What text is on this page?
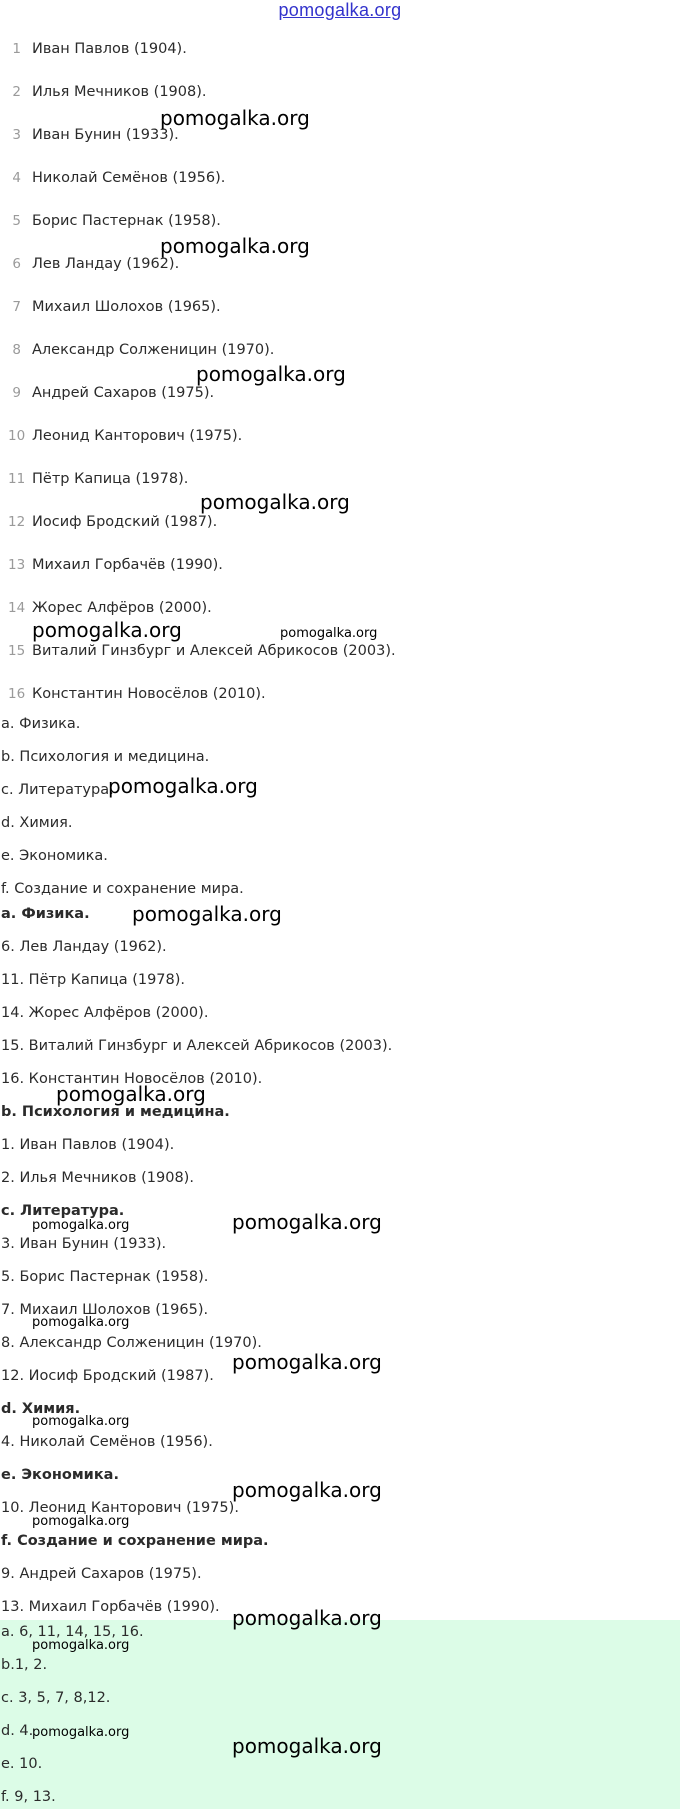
pomogalka.org
1 Иван Павлов (1904).
2 Илья Мечников (1908).
3 Иван Бунин (1933).
4 Николай Семёнов (1956).
5 Борис Пастернак (1958).
6 Лев Ландау (1962).
7 Михаил Шолохов (1965).
8 Александр Солженицин (1970).
9 Андрей Сахаров (1975).
10 Леонид Канторович (1975).
11 Пётр Капица (1978).
12 Иосиф Бродский (1987).
13 Михаил Горбачёв (1990).
14 Жорес Алфёров (2000).
15 Виталий Гинзбург и Алексей Абрикосов (2003).
16 Константин Новосёлов (2010).
a. Физика.
b. Психология и медицина.
c. Литература.
d. Химия.
e. Экономика.
f. Создание и сохранение мира.
a. Физика.
6. Лев Ландау (1962).
11. Пётр Капица (1978).
14. Жорес Алфёров (2000).
15. Виталий Гинзбург и Алексей Абрикосов (2003).
16. Константин Новосёлов (2010).
b. Психология и медицина.
1. Иван Павлов (1904).
2. Илья Мечников (1908).
c. Литература.
3. Иван Бунин (1933).
5. Борис Пастернак (1958).
7. Михаил Шолохов (1965).
8. Александр Солженицин (1970).
12. Иосиф Бродский (1987).
d. Химия.
4. Николай Семёнов (1956).
e. Экономика.
10. Леонид Канторович (1975).
f. Создание и сохранение мира.
9. Андрей Сахаров (1975).
13. Михаил Горбачёв (1990).
a. 6, 11, 14, 15, 16.
b.1, 2.
c. 3, 5, 7, 8,12.
d. 4.
e. 10.
f. 9, 13.
pomogalka.org
pomogalka.org
pomogalka.org
pomogalka.org
pomogalka.org	pomogalka.org
pomogalka.org
pomogalka.org
pomogalka.org
pomogalka.org
pomogalka.org
pomogalka.org
pomogalka.org
pomogalka.org
pomogalka.org
pomogalka.org
pomogalka.org
pomogalka.org
pomogalka.org
pomogalka.org
